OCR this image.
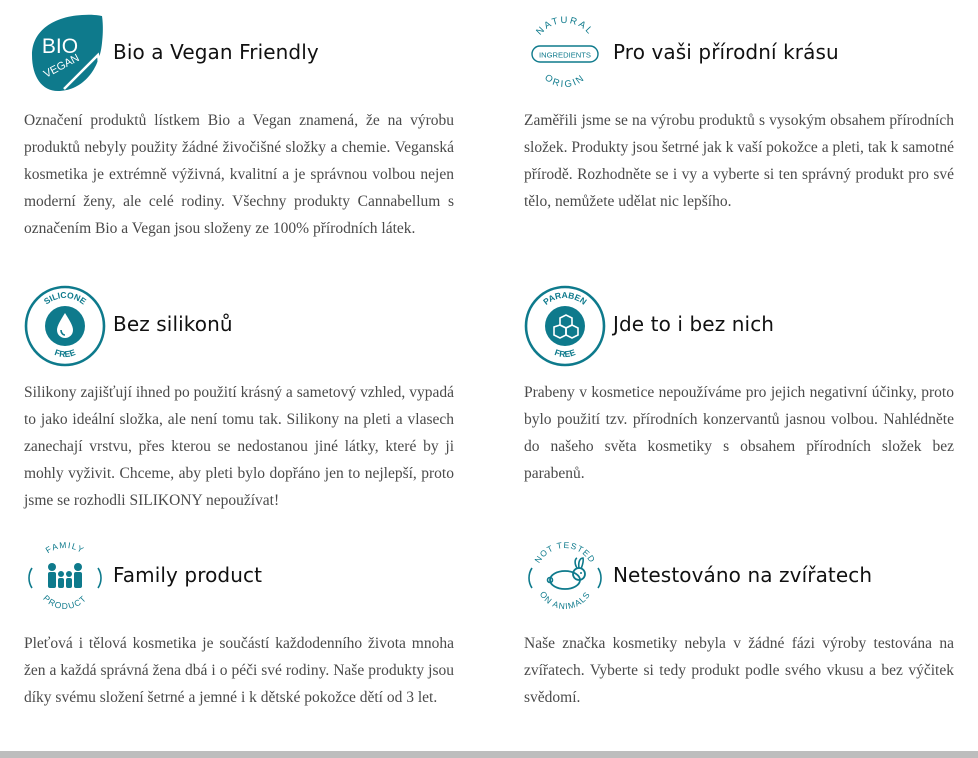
BIO
VEGAN
Bio a Vegan Friendly

Označení produktů lístkem Bio a Vegan znamená, že na výrobu produktů nebyly použity žádné živočišné složky a chemie. Veganská kosmetika je extrémně výživná, kvalitní a je správnou volbou nejen moderní ženy, ale celé rodiny. Všechny produkty Cannabellum s označením Bio a Vegan jsou složeny ze 100% přírodních látek.

NATURAL
INGREDIENTS
ORIGIN
Pro vaši přírodní krásu

Zaměřili jsme se na výrobu produktů s vysokým obsahem přírodních složek. Produkty jsou šetrné jak k vaší pokožce a pleti, tak k samotné přírodě. Rozhodněte se i vy a vyberte si ten správný produkt pro své tělo, nemůžete udělat nic lepšího.

SILICONE
FREE
Bez silikonů

Silikony zajišťují ihned po použití krásný a sametový vzhled, vypadá to jako ideální složka, ale není tomu tak. Silikony na pleti a vlasech zanechají vrstvu, přes kterou se nedostanou jiné látky, které by ji mohly vyživit. Chceme, aby pleti bylo dopřáno jen to nejlepší, proto jsme se rozhodli SILIKONY nepoužívat!

PARABEN
FREE
Jde to i bez nich

Prabeny v kosmetice nepoužíváme pro jejich negativní účinky, proto bylo použití tzv. přírodních konzervantů jasnou volbou. Nahlédněte do našeho světa kosmetiky s obsahem přírodních složek bez parabenů.

FAMILY
PRODUCT
Family product

Pleťová i tělová kosmetika je součástí každodenního života mnoha žen a každá správná žena dbá i o péči své rodiny. Naše produkty jsou díky svému složení šetrné a jemné i k dětské pokožce dětí od 3 let.

NOT TESTED
ON ANIMALS
Netestováno na zvířatech

Naše značka kosmetiky nebyla v žádné fázi výroby testována na zvířatech. Vyberte si tedy produkt podle svého vkusu a bez výčitek svědomí.
